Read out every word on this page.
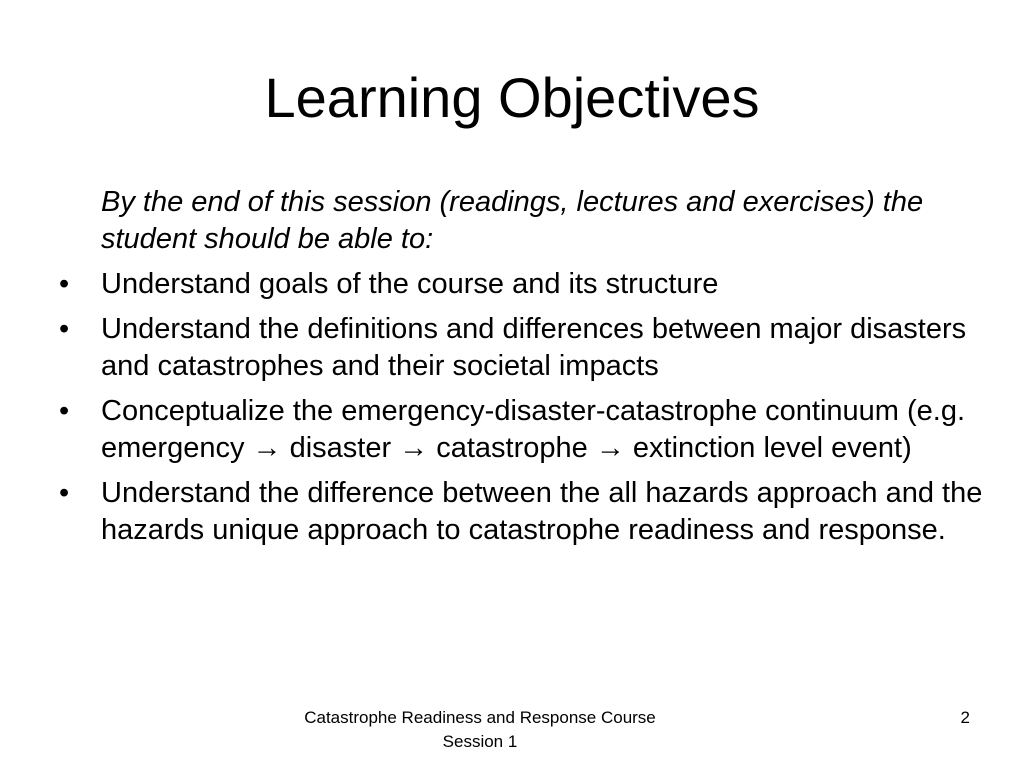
Learning Objectives

By the end of this session (readings, lectures and exercises) the student should be able to:

• Understand goals of the course and its structure
• Understand the definitions and differences between major disasters and catastrophes and their societal impacts
• Conceptualize the emergency-disaster-catastrophe continuum (e.g. emergency → disaster → catastrophe → extinction level event)
• Understand the difference between the all hazards approach and the hazards unique approach to catastrophe readiness and response.
Catastrophe Readiness and Response Course
Session 1
2
